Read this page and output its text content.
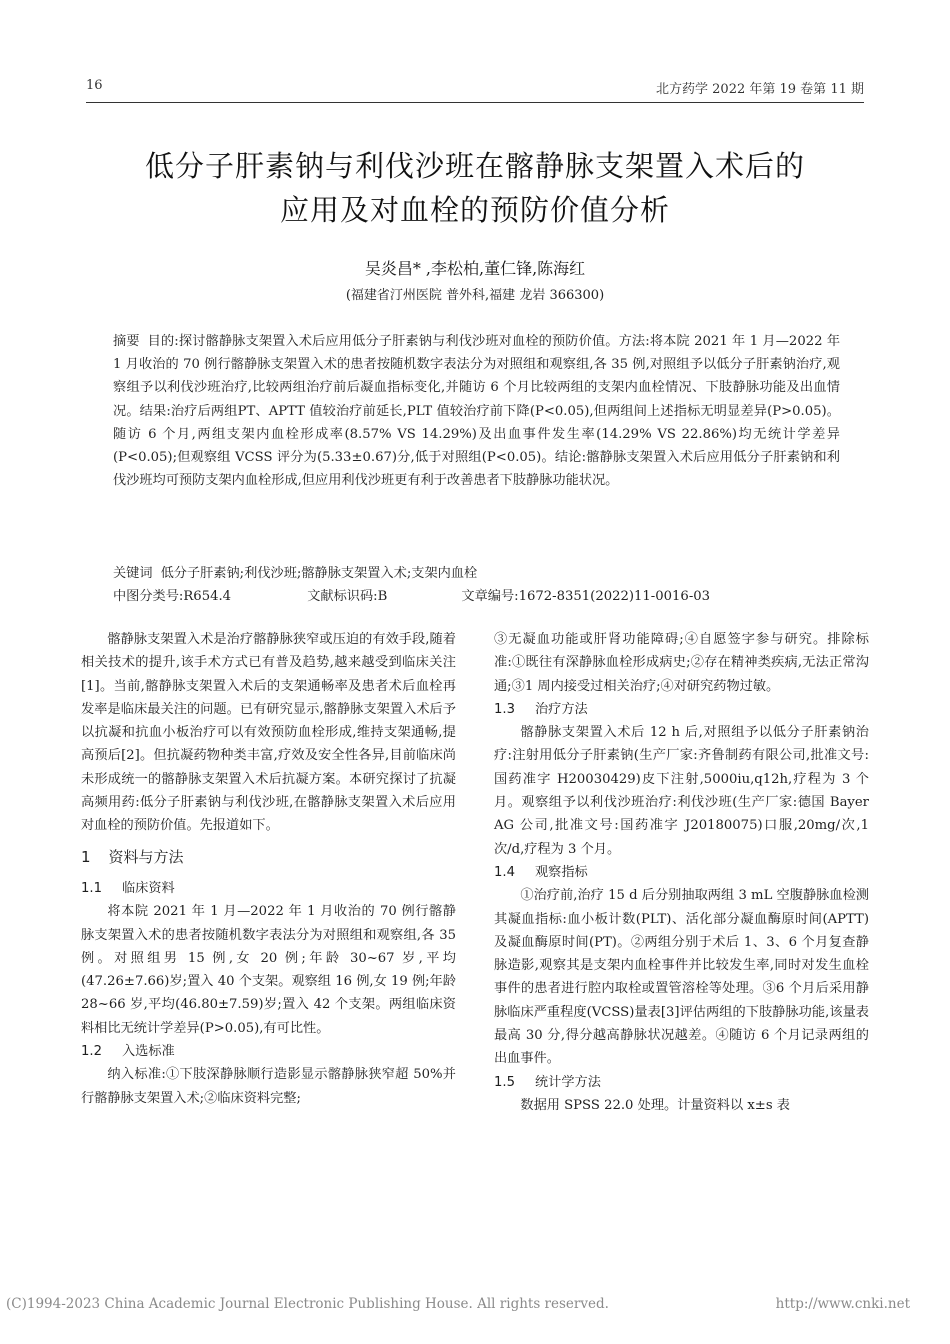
16	北方药学 2022 年第 19 卷第 11 期
低分子肝素钠与利伐沙班在髂静脉支架置入术后的
应用及对血栓的预防价值分析
吴炎昌* ,李松柏,董仁锋,陈海红
(福建省汀州医院 普外科,福建 龙岩 366300)
摘要 目的:探讨髂静脉支架置入术后应用低分子肝素钠与利伐沙班对血栓的预防价值。方法:将本院 2021 年 1 月—2022 年 1 月收治的 70 例行髂静脉支架置入术的患者按随机数字表法分为对照组和观察组,各 35 例,对照组予以低分子肝素钠治疗,观察组予以利伐沙班治疗,比较两组治疗前后凝血指标变化,并随访 6 个月比较两组的支架内血栓情况、下肢静脉功能及出血情况。结果:治疗后两组PT、APTT 值较治疗前延长,PLT 值较治疗前下降(P<0.05),但两组间上述指标无明显差异(P>0.05)。随访 6 个月,两组支架内血栓形成率(8.57% VS 14.29%)及出血事件发生率(14.29% VS 22.86%)均无统计学差异(P<0.05);但观察组 VCSS 评分为(5.33±0.67)分,低于对照组(P<0.05)。结论:髂静脉支架置入术后应用低分子肝素钠和利伐沙班均可预防支架内血栓形成,但应用利伐沙班更有利于改善患者下肢静脉功能状况。
关键词 低分子肝素钠;利伐沙班;髂静脉支架置入术;支架内血栓
中图分类号:R654.4	文献标识码:B	文章编号:1672-8351(2022)11-0016-03

髂静脉支架置入术是治疗髂静脉狭窄或压迫的有效手段,随着相关技术的提升,该手术方式已有普及趋势,越来越受到临床关注[1]。当前,髂静脉支架置入术后的支架通畅率及患者术后血栓再发率是临床最关注的问题。已有研究显示,髂静脉支架置入术后予以抗凝和抗血小板治疗可以有效预防血栓形成,维持支架通畅,提高预后[2]。但抗凝药物种类丰富,疗效及安全性各异,目前临床尚未形成统一的髂静脉支架置入术后抗凝方案。本研究探讨了抗凝高频用药:低分子肝素钠与利伐沙班,在髂静脉支架置入术后应用对血栓的预防价值。先报道如下。

1 资料与方法
1.1 临床资料

将本院 2021 年 1 月—2022 年 1 月收治的 70 例行髂静脉支架置入术的患者按随机数字表法分为对照组和观察组,各 35 例。对照组男 15 例,女 20 例;年龄 30~67 岁,平均(47.26±7.66)岁;置入 40 个支架。观察组 16 例,女 19 例;年龄 28~66 岁,平均(46.80±7.59)岁;置入 42 个支架。两组临床资料相比无统计学差异(P>0.05),有可比性。

1.2 入选标准

纳入标准:①下肢深静脉顺行造影显示髂静脉狭窄超 50%并行髂静脉支架置入术;②临床资料完整;

③无凝血功能或肝肾功能障碍;④自愿签字参与研究。排除标准:①既往有深静脉血栓形成病史;②存在精神类疾病,无法正常沟通;③1 周内接受过相关治疗;④对研究药物过敏。

1.3 治疗方法

髂静脉支架置入术后 12 h 后,对照组予以低分子肝素钠治疗:注射用低分子肝素钠(生产厂家:齐鲁制药有限公司,批准文号:国药准字 H20030429)皮下注射,5000iu,q12h,疗程为 3 个月。观察组予以利伐沙班治疗:利伐沙班(生产厂家:德国 Bayer AG 公司,批准文号:国药准字 J20180075)口服,20mg/次,1 次/d,疗程为 3 个月。

1.4 观察指标

①治疗前,治疗 15 d 后分别抽取两组 3 mL 空腹静脉血检测其凝血指标:血小板计数(PLT)、活化部分凝血酶原时间(APTT)及凝血酶原时间(PT)。②两组分别于术后 1、3、6 个月复查静脉造影,观察其是支架内血栓事件并比较发生率,同时对发生血栓事件的患者进行腔内取栓或置管溶栓等处理。③6 个月后采用静脉临床严重程度(VCSS)量表[3]评估两组的下肢静脉功能,该量表最高 30 分,得分越高静脉状况越差。④随访 6 个月记录两组的出血事件。

1.5 统计学方法

数据用 SPSS 22.0 处理。计量资料以 x±s 表

(C)1994-2023 China Academic Journal Electronic Publishing House. All rights reserved.	http://www.cnki.net
